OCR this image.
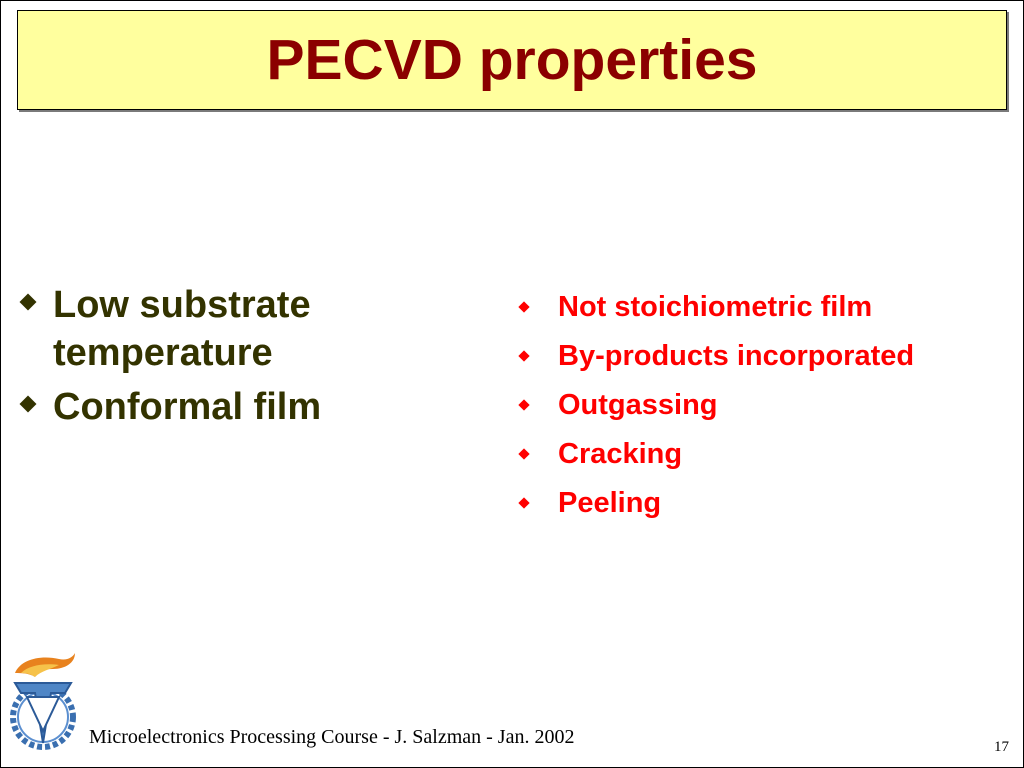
PECVD properties
Low substrate temperature
Conformal film
Not stoichiometric film
By-products incorporated
Outgassing
Cracking
Peeling
Microelectronics Processing Course - J. Salzman - Jan. 2002	17
